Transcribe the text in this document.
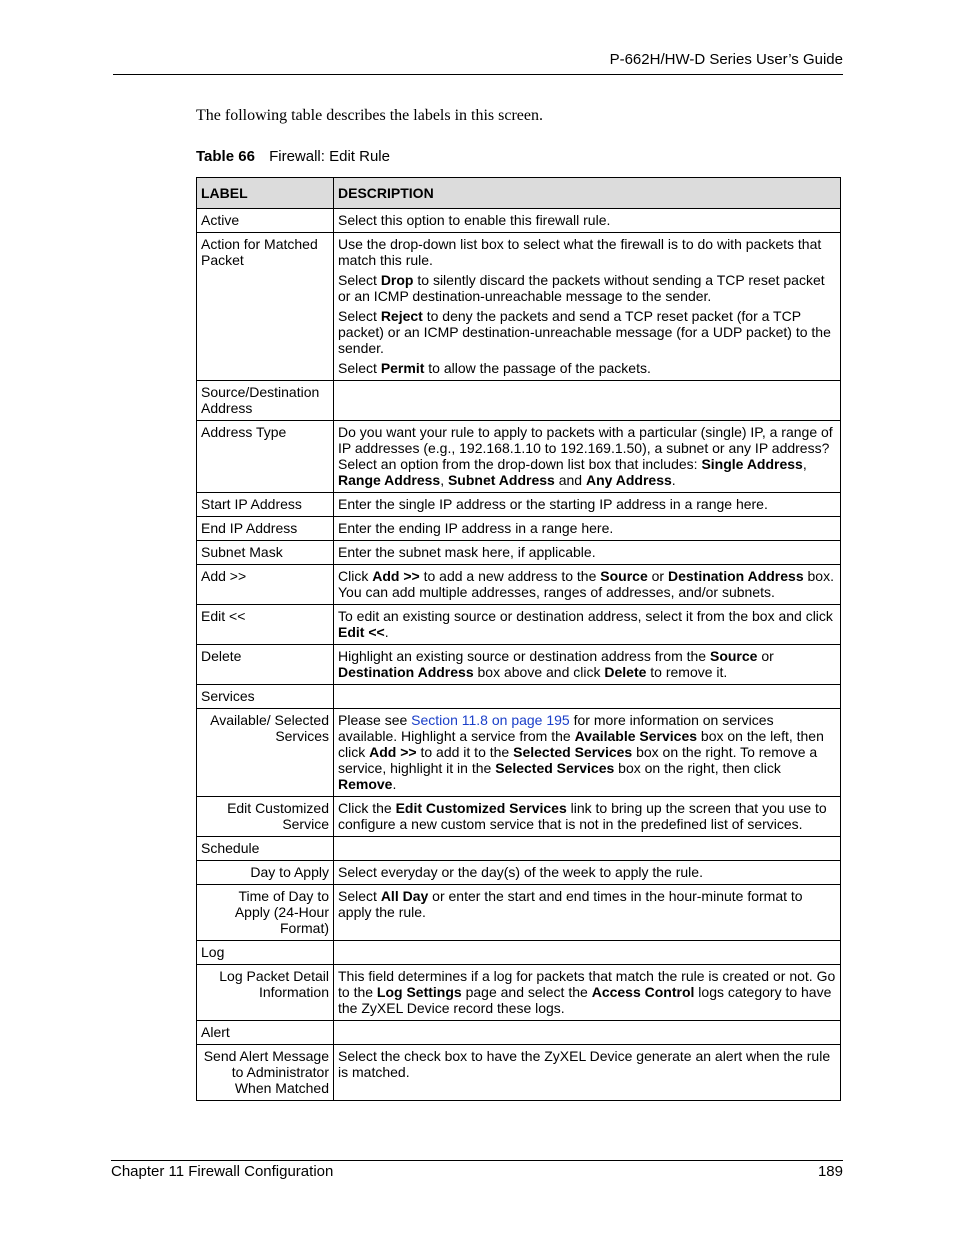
P-662H/HW-D Series User’s Guide
The following table describes the labels in this screen.
Table 66 Firewall: Edit Rule
LABEL	DESCRIPTION
Active	Select this option to enable this firewall rule.

Action for Matched Packet	Use the drop-down list box to select what the firewall is to do with packets that match this rule.

Select Drop to silently discard the packets without sending a TCP reset packet or an ICMP destination-unreachable message to the sender.

Select Reject to deny the packets and send a TCP reset packet (for a TCP packet) or an ICMP destination-unreachable message (for a UDP packet) to the sender.

Select Permit to allow the passage of the packets.

Source/Destination Address	
Address Type	Do you want your rule to apply to packets with a particular (single) IP, a range of IP addresses (e.g., 192.168.1.10 to 192.169.1.50), a subnet or any IP address? Select an option from the drop-down list box that includes: Single Address, Range Address, Subnet Address and Any Address.

Start IP Address	Enter the single IP address or the starting IP address in a range here.

End IP Address	Enter the ending IP address in a range here.

Subnet Mask	Enter the subnet mask here, if applicable.

Add >>	Click Add >> to add a new address to the Source or Destination Address box. You can add multiple addresses, ranges of addresses, and/or subnets.

Edit <<	To edit an existing source or destination address, select it from the box and click Edit <<.

Delete	Highlight an existing source or destination address from the Source or Destination Address box above and click Delete to remove it.

Services	
Available/ Selected Services	Please see Section 11.8 on page 195 for more information on services available. Highlight a service from the Available Services box on the left, then click Add >> to add it to the Selected Services box on the right. To remove a service, highlight it in the Selected Services box on the right, then click Remove.

Edit Customized Service	Click the Edit Customized Services link to bring up the screen that you use to configure a new custom service that is not in the predefined list of services.

Schedule	
Day to Apply	Select everyday or the day(s) of the week to apply the rule.

Time of Day to Apply (24-Hour Format)	Select All Day or enter the start and end times in the hour-minute format to apply the rule.

Log	
Log Packet Detail Information	This field determines if a log for packets that match the rule is created or not. Go to the Log Settings page and select the Access Control logs category to have the ZyXEL Device record these logs.

Alert	
Send Alert Message to Administrator When Matched	Select the check box to have the ZyXEL Device generate an alert when the rule is matched.

Chapter 11 Firewall Configuration	189
